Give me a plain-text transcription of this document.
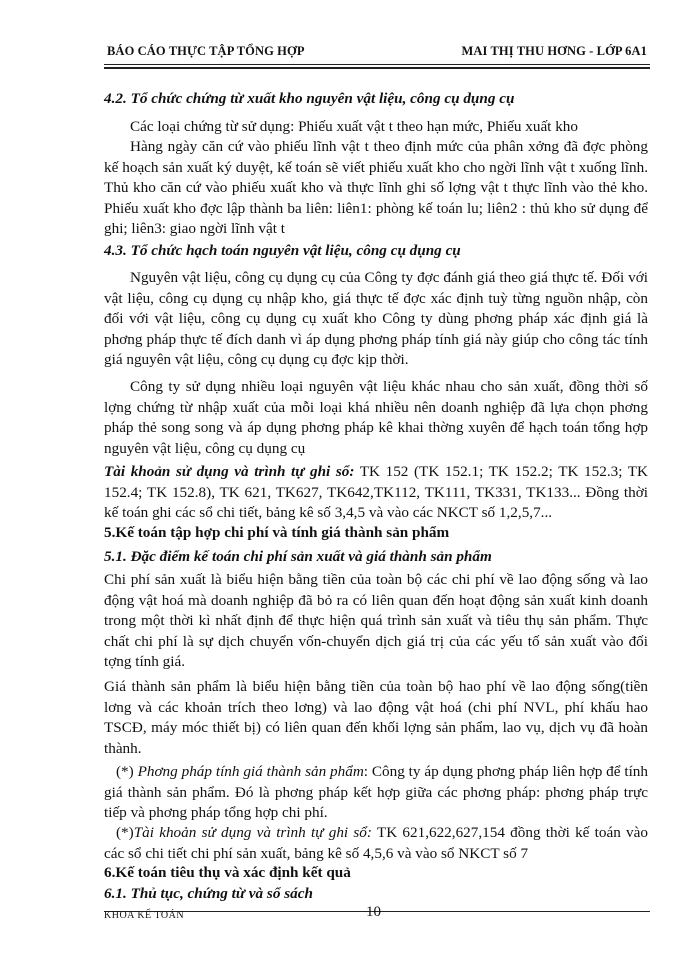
BÁO CÁO THỰC TẬP TỔNG HỢP	MAI THỊ THU HƠNG - LỚP 6A1

4.2. Tổ chức chứng từ xuất kho nguyên vật liệu, công cụ dụng cụ

Các loại chứng từ sử dụng: Phiếu xuất vật t theo hạn mức, Phiếu xuất kho

Hàng ngày căn cứ vào phiếu lĩnh vật t theo định mức của phân xởng đã đợc phòng kế hoạch sản xuất ký duyệt, kế toán sẽ viết phiếu xuất kho cho ngời lĩnh vật t xuống lĩnh. Thủ kho căn cứ vào phiếu xuất kho và thực lĩnh ghi số lợng vật t thực lĩnh vào thẻ kho. Phiếu xuất kho đợc lập thành ba liên: liên1: phòng kế toán lu; liên2 : thủ kho sử dụng để ghi; liên3: giao ngời lĩnh vật t

4.3. Tổ chức hạch toán nguyên vật liệu, công cụ dụng cụ

Nguyên vật liệu, công cụ dụng cụ của Công ty đợc đánh giá theo giá thực tế. Đối với vật liệu, công cụ dụng cụ nhập kho, giá thực tế đợc xác định tuỳ từng nguồn nhập, còn đối với vật liệu, công cụ dụng cụ xuất kho Công ty dùng phơng pháp xác định giá là phơng pháp thực tế đích danh vì áp dụng phơng pháp tính giá này giúp cho công tác tính giá nguyên vật liệu, công cụ dụng cụ đợc kịp thời.

Công ty sử dụng nhiều loại nguyên vật liệu khác nhau cho sản xuất, đồng thời số lợng chứng từ nhập xuất của mỗi loại khá nhiều nên doanh nghiệp đã lựa chọn phơng pháp thẻ song song và áp dụng phơng pháp kê khai thờng xuyên để hạch toán tổng hợp nguyên vật liệu, công cụ dụng cụ

Tài khoản sử dụng và trình tự ghi sổ: TK 152 (TK 152.1; TK 152.2; TK 152.3; TK 152.4; TK 152.8), TK 621, TK627, TK642,TK112, TK111, TK331, TK133... Đồng thời kế toán ghi các sổ chi tiết, bảng kê số 3,4,5 và vào các NKCT số 1,2,5,7...

5.Kế toán tập hợp chi phí và tính giá thành sản phẩm

5.1. Đặc điểm kế toán chi phí sản xuất và giá thành sản phẩm

Chi phí sản xuất là biểu hiện bằng tiền của toàn bộ các chi phí về lao động sống và lao động vật hoá mà doanh nghiệp đã bỏ ra có liên quan đến hoạt động sản xuất kinh doanh trong một thời kì nhất định để thực hiện quá trình sản xuất và tiêu thụ sản phẩm. Thực chất chi phí là sự dịch chuyển vốn-chuyển dịch giá trị của các yếu tố sản xuất vào đối tợng tính giá.

Giá thành sản phẩm là biểu hiện bằng tiền của toàn bộ hao phí về lao động sống(tiền lơng và các khoản trích theo lơng) và lao động vật hoá (chi phí NVL, phí khấu hao TSCĐ, máy móc thiết bị) có liên quan đến khối lợng sản phẩm, lao vụ, dịch vụ đã hoàn thành.

(*) Phơng pháp tính giá thành sản phẩm: Công ty áp dụng phơng pháp liên hợp để tính giá thành sản phẩm. Đó là phơng pháp kết hợp giữa các phơng pháp: phơng pháp trực tiếp và phơng pháp tổng hợp chi phí.

(*)Tài khoản sử dụng và trình tự ghi sổ: TK 621,622,627,154 đồng thời kế toán vào các sổ chi tiết chi phí sản xuất, bảng kê số 4,5,6 và vào sổ NKCT số 7

6.Kế toán tiêu thụ và xác định kết quả

6.1. Thủ tục, chứng từ và sổ sách

KHOA KẾ TOÁN	10
